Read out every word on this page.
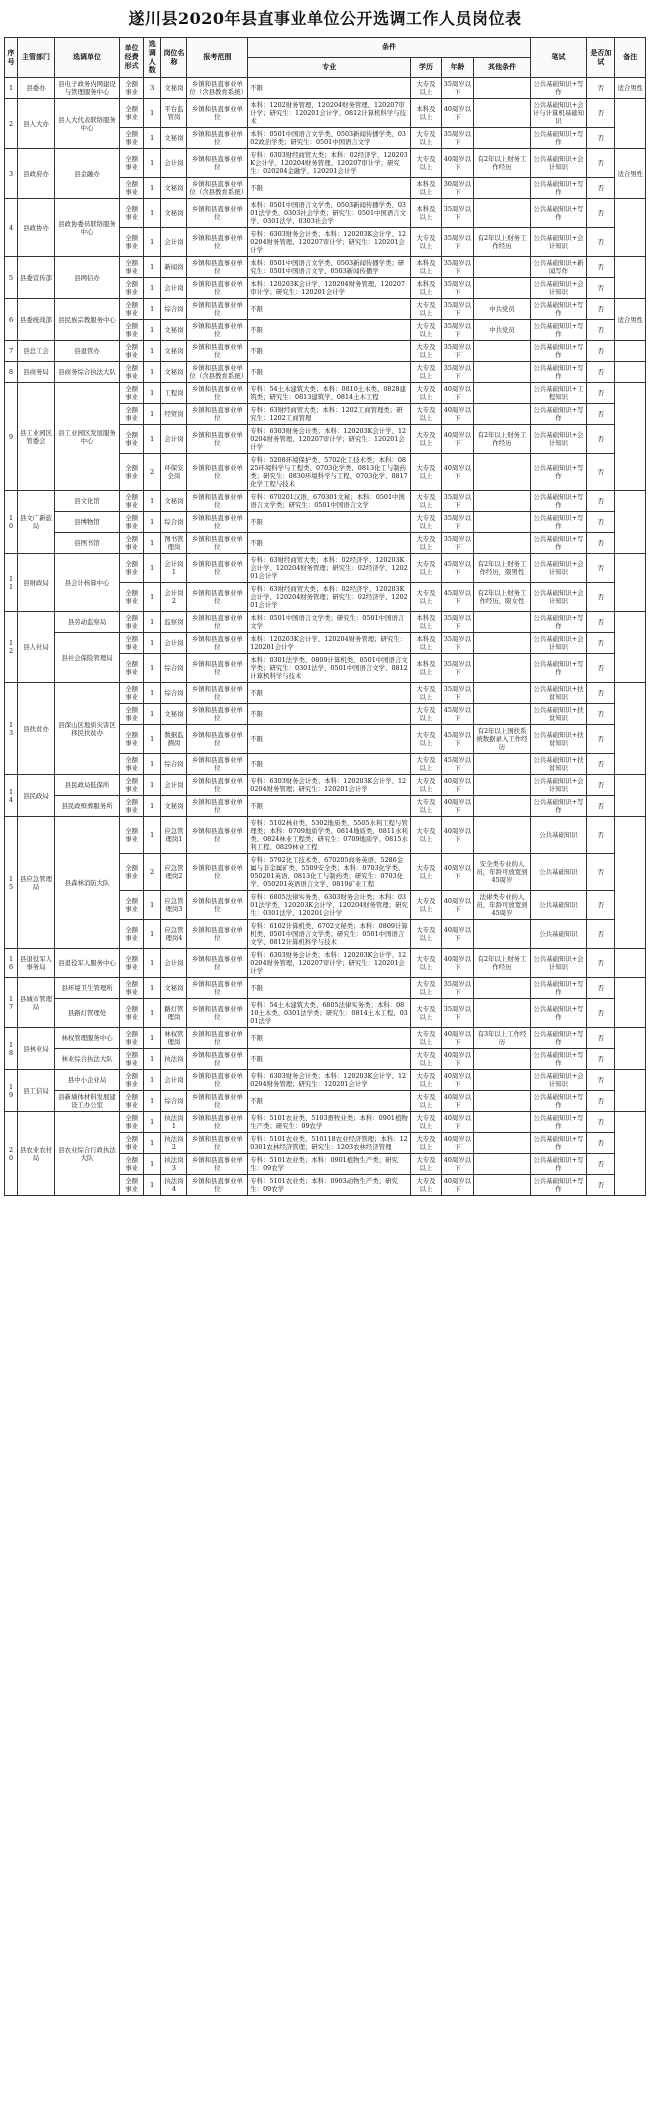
遂川县2020年县直事业单位公开选调工作人员岗位表
序号	主管部门	选调单位	单位经费形式	选调人数	岗位名称	报考范围	条件				笔试	是否加试	备注
							专业	学历	年龄	其他条件			
1	县委办	县电子政务内网建设与管理服务中心	全额事业	3	文秘岗	乡镇和县直事业单位（含县教育系统）	不限	大专及以上	35周岁以下		公共基础知识+写作	否	适合男性
2	县人大办	县人大代表联络服务中心	全额事业	1	平台监管岗	乡镇和县直事业单位	本科：1202财务管理、120204财务管理、120207审计学；研究生：120201会计学、0812计算机科学与技术	本科及以上	40周岁以下		公共基础知识+会计与计算机基础知识	否	
			全额事业	1	文秘岗	乡镇和县直事业单位	本科：0501中国语言文学类、0503新闻传播学类、0302政治学类；研究生：0501中国语言文学	大专及以上	35周岁以下		公共基础知识+写作	否	
3	县政府办	县金融办	全额事业	1	会计岗	乡镇和县直事业单位	专科：6303财经商贸大类；本科：02经济学、120203K会计学、120204财务管理、120207审计学；研究生：020204金融学、120201会计学	大专及以上	40周岁以下	有2年以上财务工作经历	公共基础知识+会计知识	否	适合男性
			全额事业	1	文秘岗	乡镇和县直事业单位（含县教育系统）	不限	本科及以上	30周岁以下		公共基础知识+写作	否	
4	县政协办	县政协委员联络服务中心	全额事业	1	文秘岗	乡镇和县直事业单位	本科：0501中国语言文学类、0503新闻传播学类、0301法学类、0303社会学类；研究生：0501中国语言文学、0301法学、0303社会学	本科及以上	35周岁以下		公共基础知识+写作	否	
			全额事业	1	会计岗	乡镇和县直事业单位	专科：6303财务会计类；本科：120203K会计学、120204财务管理、120207审计学；研究生：120201会计学	大专及以上	35周岁以下	有2年以上财务工作经历	公共基础知识+会计知识	否	
5	县委宣传部	县网信办	全额事业	1	新闻岗	乡镇和县直事业单位	本科：0501中国语言文学类、0503新闻传播学类；研究生：0501中国语言文学、0503新闻传播学	本科及以上	35周岁以下		公共基础知识+新闻写作	否	
			全额事业	1	会计岗	乡镇和县直事业单位	本科：120203K会计学、120204财务管理、120207审计学；研究生：120201会计学	本科及以上	35周岁以下		公共基础知识+会计知识	否	
6	县委统战部	县民族宗教服务中心	全额事业	1	综合岗	乡镇和县直事业单位	不限	大专及以上	35周岁以下	中共党员	公共基础知识+写作	否	适合男性
			全额事业	1	文秘岗	乡镇和县直事业单位	不限	大专及以上	35周岁以下	中共党员	公共基础知识+写作	否	
7	县总工会	县退管办	全额事业	1	文秘岗	乡镇和县直事业单位	不限	大专及以上	35周岁以下		公共基础知识+写作	否	
8	县商务局	县商务综合执法大队	全额事业	1	文秘岗	乡镇和县直事业单位（含县教育系统）	不限	大专及以上	35周岁以下		公共基础知识+写作	否	
9	县工业园区管委会	县工业园区发展服务中心	全额事业	1	工程岗	乡镇和县直事业单位	专科：54土木建筑大类；本科：0810土木类、0828建筑类；研究生：0813建筑学、0814土木工程	大专及以上	40周岁以下		公共基础知识+工程知识	否	
			全额事业	1	经贸岗	乡镇和县直事业单位	专科：63财经商贸大类；本科：1202工商管理类；研究生：1202工商管理	大专及以上	40周岁以下		公共基础知识+写作	否	
			全额事业	1	会计岗	乡镇和县直事业单位	专科：6303财务会计类；本科：120203K会计学、120204财务管理、120207审计学；研究生：120201会计学	大专及以上	40周岁以下	有2年以上财务工作经历	公共基础知识+会计知识	否	
			全额事业	2	环保安全岗	乡镇和县直事业单位	专科：5208环境保护类、5702化工技术类；本科：0825环境科学与工程类、0703化学类、0813化工与制药类；研究生：0830环境科学与工程、0703化学、0817化学工程与技术	大专及以上	40周岁以下		公共基础知识+写作	否	
10	县文广新旅局	县文化馆	全额事业	1	文秘岗	乡镇和县直事业单位	专科：670201汉语、670301文秘；本科：0501中国语言文学类；研究生：0501中国语言文学	大专及以上	35周岁以下		公共基础知识+写作	否	
		县博物馆	全额事业	1	综合岗	乡镇和县直事业单位	不限	大专及以上	35周岁以下		公共基础知识+写作	否	
		县图书馆	全额事业	1	图书管理岗	乡镇和县直事业单位	不限	大专及以上	35周岁以下		公共基础知识+写作	否	
11	县财政局	县会计核算中心	全额事业	1	会计岗1	乡镇和县直事业单位	专科：63财经商贸大类；本科：02经济学、120203K会计学、120204财务管理；研究生：02经济学、120201会计学	大专及以上	45周岁以下	有2年以上财务工作经历，限男性	公共基础知识+会计知识	否	
			全额事业	1	会计岗2	乡镇和县直事业单位	专科：63财经商贸大类；本科：02经济学、120203K会计学、120204财务管理；研究生：02经济学、120201会计学	大专及以上	45周岁以下	有2年以上财务工作经历，限女性	公共基础知识+会计知识	否	
12	县人社局	县劳动监察局	全额事业	1	监察岗	乡镇和县直事业单位	本科：0501中国语言文学类；研究生：0501中国语言文学	本科及以上	35周岁以下		公共基础知识+写作	否	
		县社会保险管理局	全额事业	1	会计岗	乡镇和县直事业单位	本科：120203K会计学、120204财务管理；研究生：120201会计学	本科及以上	35周岁以下		公共基础知识+会计知识	否	
			全额事业	1	综合岗	乡镇和县直事业单位	本科：0301法学类、0809计算机类、0501中国语言文学类；研究生：0301法学、0501中国语言文学、0812计算机科学与技术	本科及以上	35周岁以下		公共基础知识+写作	否	
13	县扶贫办	县深山区地质灾害区移民扶贫办	全额事业	1	综合岗	乡镇和县直事业单位	不限	大专及以上	35周岁以下		公共基础知识+扶贫知识	否	
			全额事业	1	文秘岗	乡镇和县直事业单位	不限	大专及以上	45周岁以下		公共基础知识+扶贫知识	否	
			全额事业	1	数据监测岗	乡镇和县直事业单位	不限	大专及以上	45周岁以下	有2年以上国扶系统数据录入工作经历	公共基础知识+扶贫知识	否	
			全额事业	1	综合岗	乡镇和县直事业单位	不限	大专及以上	45周岁以下		公共基础知识+扶贫知识	否	
14	县民政局	县民政局低保所	全额事业	1	会计岗	乡镇和县直事业单位	专科：6303财务会计类；本科：120203K会计学、120204财务管理；研究生：120201会计学	大专及以上	40周岁以下		公共基础知识+会计知识	否	
		县民政殡葬服务所	全额事业	1	文秘岗	乡镇和县直事业单位	不限	大专及以上	40周岁以下		公共基础知识+写作	否	
15	县应急管理局	县森林消防大队	全额事业	1	应急管理岗1	乡镇和县直事业单位	专科：5102林业类、5302地质类、5505水利工程与管理类；本科：0709地质学类、0814地质类、0811水利类、0824林业工程类；研究生：0709地质学、0815水利工程、0829林业工程	大专及以上	40周岁以下		公共基础知识	否	
			全额事业	2	应急管理岗2	乡镇和县直事业单位	专科：5702化工技术类、670205商务英语、5286金属与非金属矿类、5509安全类；本科：0703化学类、050201英语、0813化工与制药类；研究生：0703化学、050201英语语言文学、0819矿业工程	大专及以上	40周岁以下	安全类专业的人员，年龄可放宽到45周岁	公共基础知识	否	
			全额事业	1	应急管理岗3	乡镇和县直事业单位	专科：6805法律实务类、6303财务会计类；本科：0301法学类、120203K会计学、120204财务管理；研究生：0301法学、120201会计学	大专及以上	40周岁以下	法律类专业的人员，年龄可放宽到45周岁	公共基础知识	否	
			全额事业	1	应急管理岗4	乡镇和县直事业单位	专科：6102计算机类、6702文秘类；本科：0809计算机类、0501中国语言文学类；研究生：0501中国语言文学、0812计算机科学与技术	大专及以上	40周岁以下		公共基础知识	否	
16	县退役军人事务局	县退役军人服务中心	全额事业	1	会计岗	乡镇和县直事业单位	专科：6303财务会计类；本科：120203K会计学、120204财务管理、120207审计学；研究生：120201会计学	大专及以上	40周岁以下	有2年以上财务工作经历	公共基础知识+会计知识	否	
17	县城市管理局	县环境卫生管理所	全额事业	1	文秘岗	乡镇和县直事业单位	不限	大专及以上	35周岁以下		公共基础知识+写作	否	
		县路灯管理处	全额事业	1	路灯管理岗	乡镇和县直事业单位	专科：54土木建筑大类、6805法律实务类；本科：0810土木类、0301法学类；研究生：0814土木工程、0301法学	大专及以上	35周岁以下		公共基础知识+写作	否	
18	县林业局	林权管理服务中心	全额事业	1	林权管理岗	乡镇和县直事业单位	不限	大专及以上	40周岁以下	有3年以上工作经历	公共基础知识+写作	否	
		林业综合执法大队	全额事业	1	执法岗	乡镇和县直事业单位	不限	大专及以上	40周岁以下		公共基础知识+写作	否	
19	县工信局	县中小企业局	全额事业	1	会计岗	乡镇和县直事业单位	专科：6303财务会计类；本科：120203K会计学、120204财务管理；研究生：120201会计学	大专及以上	40周岁以下		公共基础知识+会计知识	否	
		县新墙体材料发展建设工办公室	全额事业	1	综合岗	乡镇和县直事业单位	不限	大专及以上	40周岁以下		公共基础知识+写作	否	
20	县农业农村局	县农业综合行政执法大队	全额事业	1	执法岗1	乡镇和县直事业单位	专科：5101农业类、5103畜牧业类；本科：0901植物生产类；研究生：09农学	大专及以上	40周岁以下		公共基础知识+写作	否	
			全额事业	1	执法岗2	乡镇和县直事业单位	专科：5101农业类、510118农业经济管理；本科：120301农林经济管理；研究生：1203农林经济管理	大专及以上	40周岁以下		公共基础知识+写作	否	
			全额事业	1	执法岗3	乡镇和县直事业单位	专科：5101农业类；本科：0901植物生产类；研究生：09农学	大专及以上	40周岁以下		公共基础知识+写作	否	
			全额事业	1	执法岗4	乡镇和县直事业单位	专科：5101农业类；本科：0903动物生产类；研究生：09农学	大专及以上	40周岁以下		公共基础知识+写作	否	
